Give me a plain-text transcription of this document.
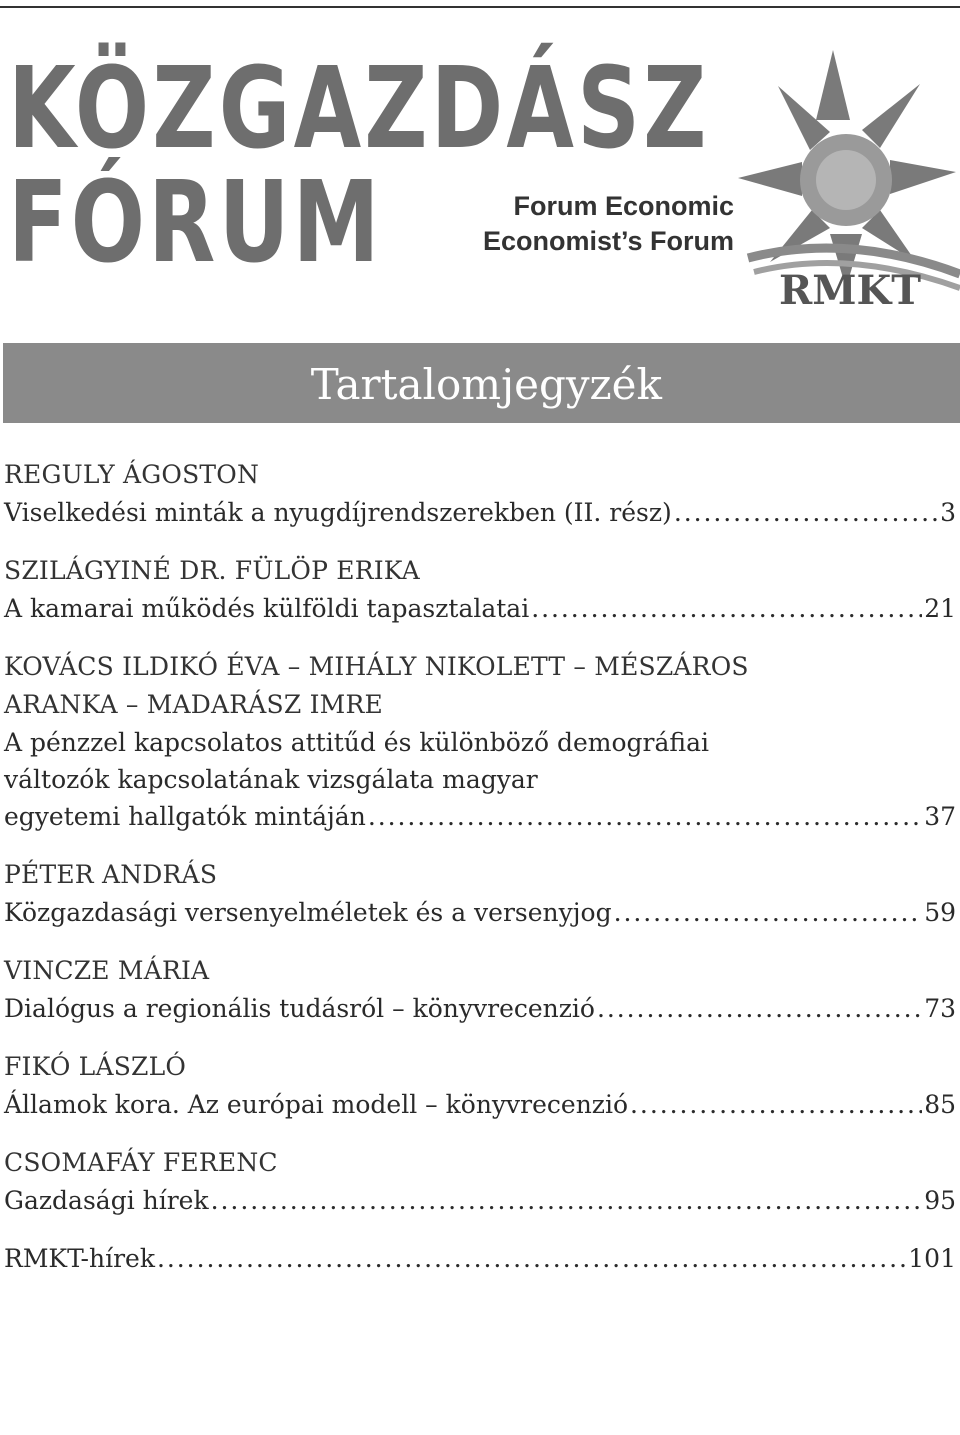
KÖZGAZDÁSZ
FÓRUM	Forum Economic
Economist’s Forum
RMKT
Tartalomjegyzék
REGULY ÁGOSTON
Viselkedési minták a nyugdíjrendszerekben (II. rész) . . .	3
SZILÁGYINÉ DR. FÜLÖP ERIKA
A kamarai működés külföldi tapasztalatai . . .	21
KOVÁCS ILDIKÓ ÉVA – MIHÁLY NIKOLETT – MÉSZÁROS
ARANKA – MADARÁSZ IMRE
A pénzzel kapcsolatos attitűd és különböző demográfiai
változók kapcsolatának vizsgálata magyar
egyetemi hallgatók mintáján . . .	37
PÉTER ANDRÁS
Közgazdasági versenyelméletek és a versenyjog . . .	59
VINCZE MÁRIA
Dialógus a regionális tudásról – könyvrecenzió . . .	73
FIKÓ LÁSZLÓ
Államok kora. Az európai modell – könyvrecenzió . . .	85
CSOMAFÁY FERENC
Gazdasági hírek . . .	95
RMKT-hírek . . .	101
